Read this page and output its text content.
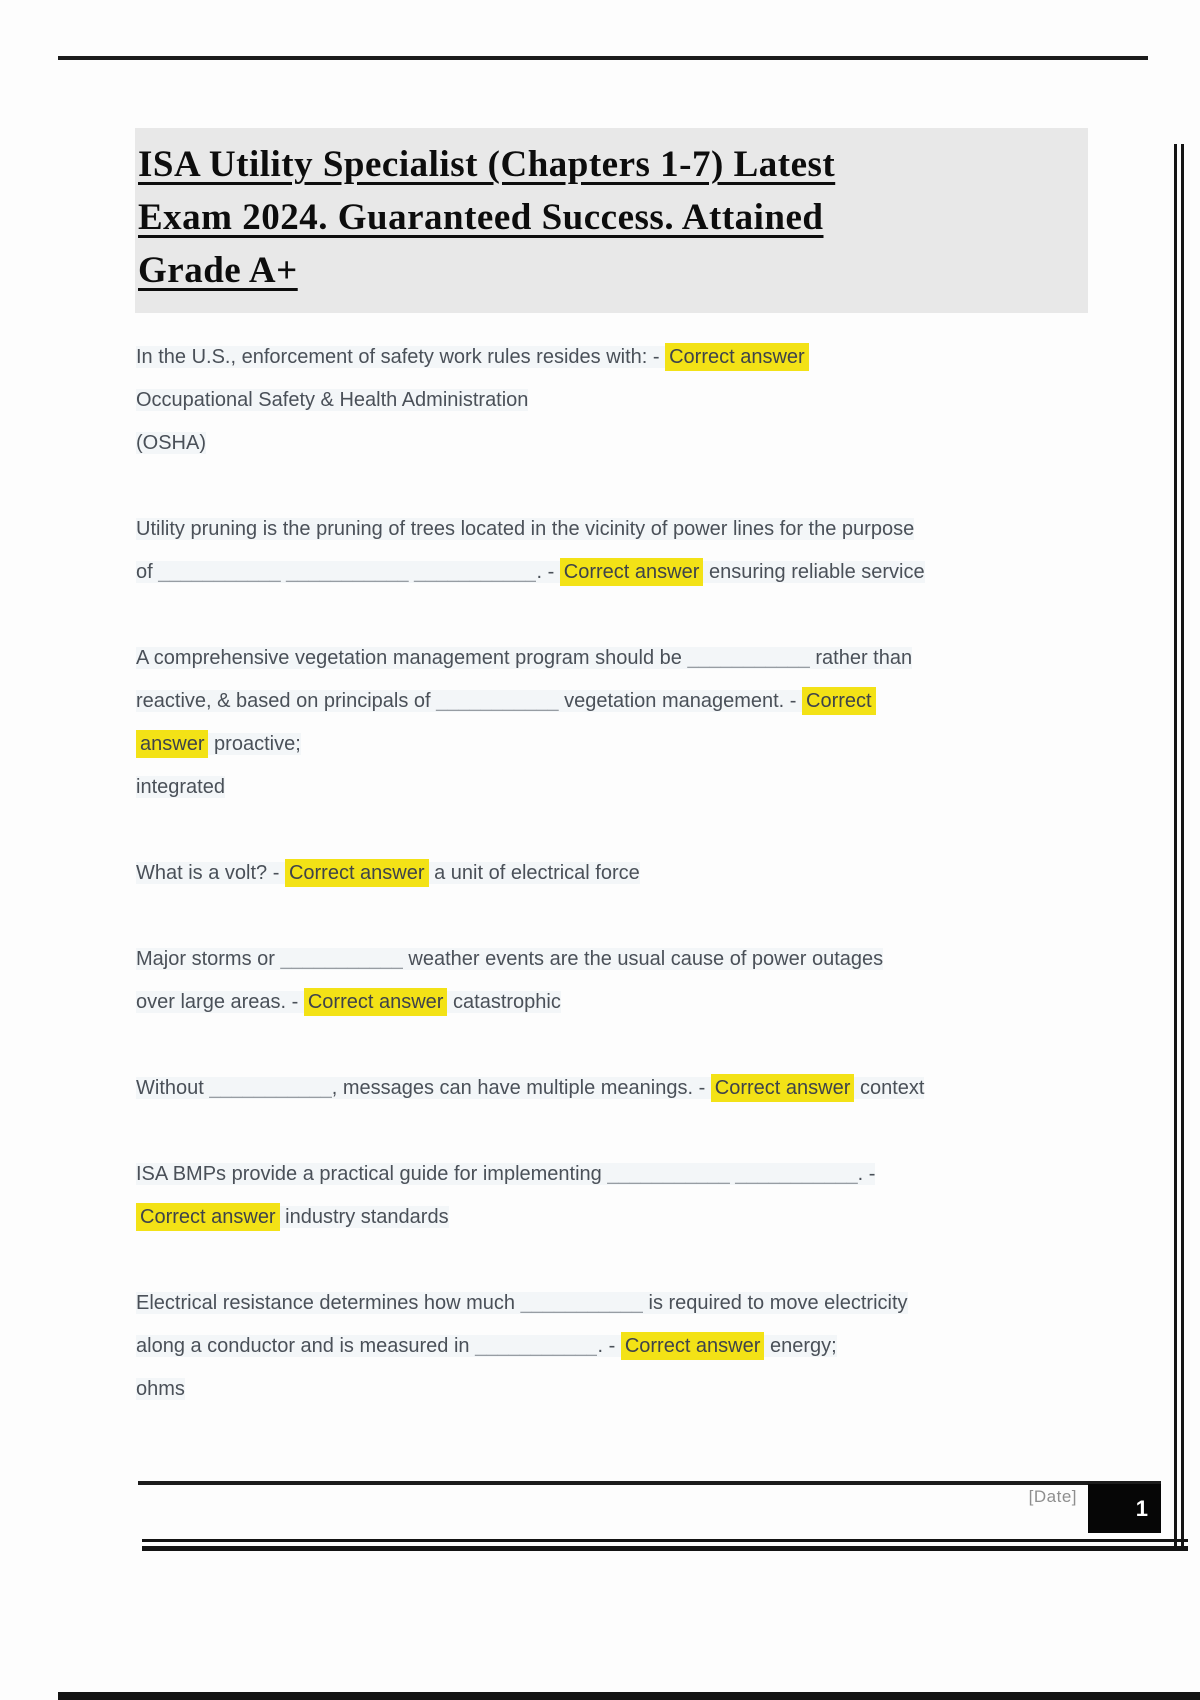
ISA Utility Specialist (Chapters 1-7) Latest
Exam 2024. Guaranteed Success. Attained
Grade A+

In the U.S., enforcement of safety work rules resides with: - Correct answer
Occupational Safety & Health Administration
(OSHA)

Utility pruning is the pruning of trees located in the vicinity of power lines for the purpose
of ___________ ___________ ___________. - Correct answer ensuring reliable service

A comprehensive vegetation management program should be ___________ rather than
reactive, & based on principals of ___________ vegetation management. - Correct
answer proactive;
integrated

What is a volt? - Correct answer a unit of electrical force

Major storms or ___________ weather events are the usual cause of power outages
over large areas. - Correct answer catastrophic

Without ___________, messages can have multiple meanings. - Correct answer context

ISA BMPs provide a practical guide for implementing ___________ ___________. -
Correct answer industry standards

Electrical resistance determines how much ___________ is required to move electricity
along a conductor and is measured in ___________. - Correct answer energy;
ohms

[Date]	1
